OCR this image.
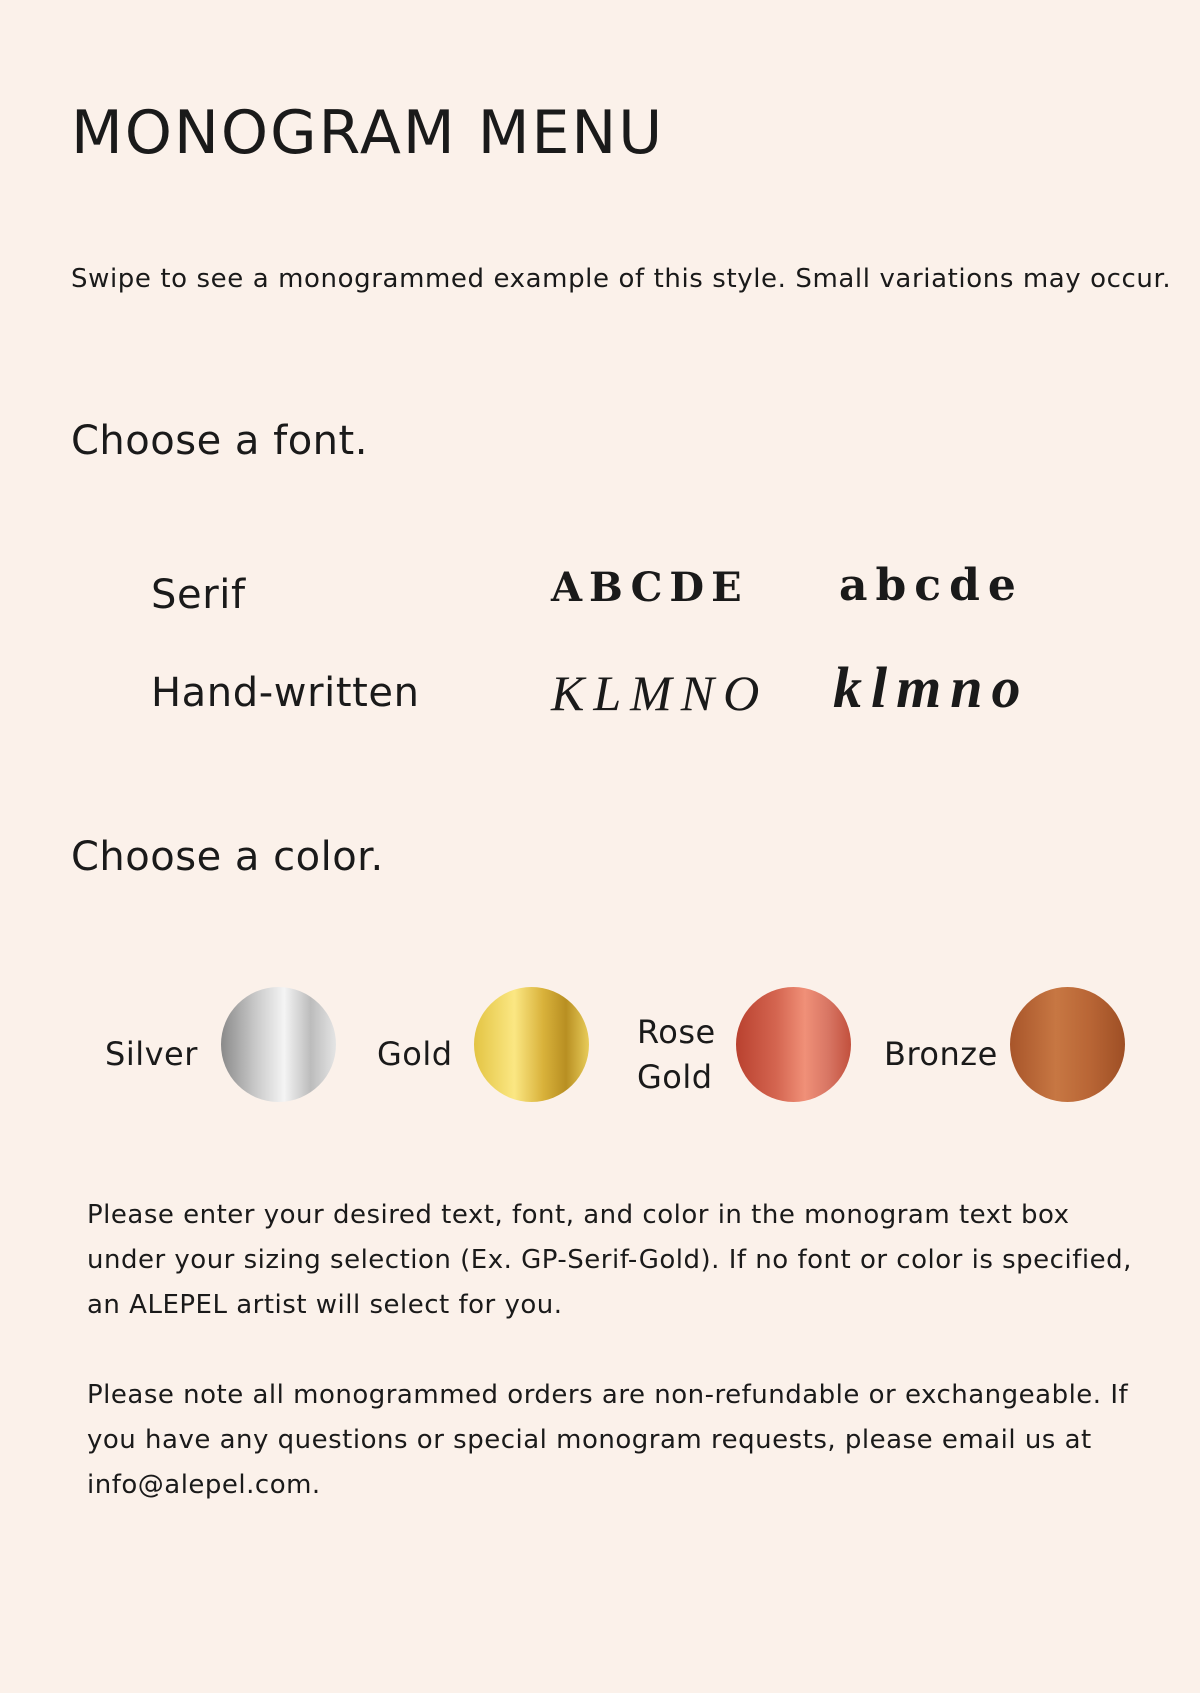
MONOGRAM MENU
Swipe to see a monogrammed example of this style. Small variations may occur.
Choose a font.
Serif	ABCDE abcde
Hand-written	KLMNO klmno
Choose a color.
Silver	Gold
Rose
Gold
Bronze

Please enter your desired text, font, and color in the monogram text box under your sizing selection (Ex. GP-Serif-Gold). If no font or color is specified, an ALEPEL artist will select for you.

Please note all monogrammed orders are non-refundable or exchangeable. If you have any questions or special monogram requests, please email us at info@alepel.com.
